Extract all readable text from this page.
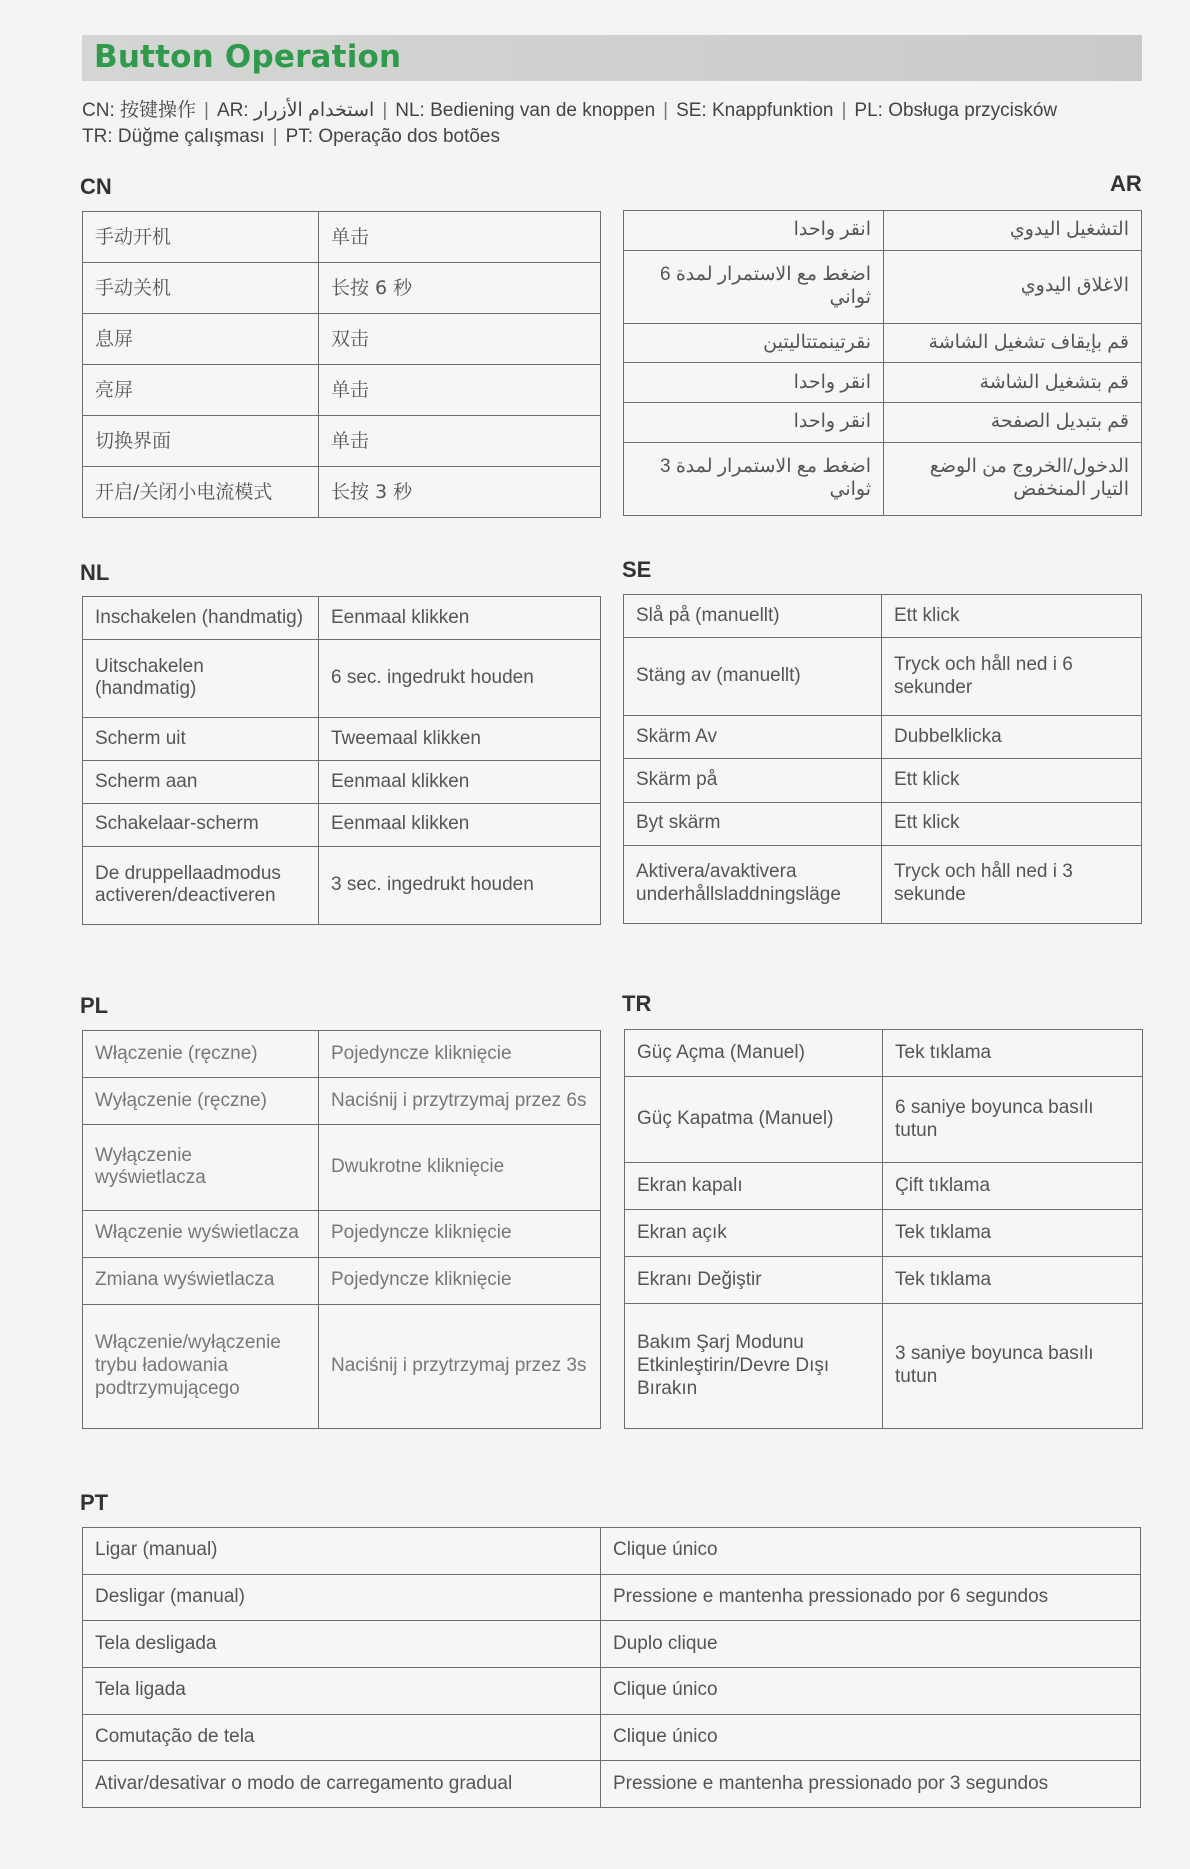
Button Operation
CN: 按键操作 | AR: استخدام الأزرار | NL: Bediening van de knoppen | SE: Knappfunktion | PL: Obsługa przycisków
TR: Düğme çalışması | PT: Operação dos botões
CN
手动开机	单击
手动关机	长按 6 秒
息屏	双击
亮屏	单击
切换界面	单击
开启/关闭小电流模式	长按 3 秒
AR
انقر واحدا	التشغيل اليدوي
اضغط مع الاستمرار لمدة 6 ثواني	الاغلاق اليدوي
نقرتينمتتاليتين	قم بإيقاف تشغيل الشاشة
انقر واحدا	قم بتشغيل الشاشة
انقر واحدا	قم بتبديل الصفحة
اضغط مع الاستمرار لمدة 3 ثواني	الدخول/الخروج من الوضع التيار المنخفض
NL
Inschakelen (handmatig)	Eenmaal klikken
Uitschakelen (handmatig)	6 sec. ingedrukt houden
Scherm uit	Tweemaal klikken
Scherm aan	Eenmaal klikken
Schakelaar-scherm	Eenmaal klikken
De druppellaadmodus activeren/deactiveren	3 sec. ingedrukt houden
SE
Slå på (manuellt)	Ett klick
Stäng av (manuellt)	Tryck och håll ned i 6 sekunder
Skärm Av	Dubbelklicka
Skärm på	Ett klick
Byt skärm	Ett klick
Aktivera/avaktivera underhållsladdningsläge	Tryck och håll ned i 3 sekunde
PL
Włączenie (ręczne)	Pojedyncze kliknięcie
Wyłączenie (ręczne)	Naciśnij i przytrzymaj przez 6s
Wyłączenie wyświetlacza	Dwukrotne kliknięcie
Włączenie wyświetlacza	Pojedyncze kliknięcie
Zmiana wyświetlacza	Pojedyncze kliknięcie
Włączenie/wyłączenie trybu ładowania podtrzymującego	Naciśnij i przytrzymaj przez 3s
TR
Güç Açma (Manuel)	Tek tıklama
Güç Kapatma (Manuel)	6 saniye boyunca basılı tutun
Ekran kapalı	Çift tıklama
Ekran açık	Tek tıklama
Ekranı Değiştir	Tek tıklama
Bakım Şarj Modunu Etkinleştirin/Devre Dışı Bırakın	3 saniye boyunca basılı tutun
PT
Ligar (manual)	Clique único
Desligar (manual)	Pressione e mantenha pressionado por 6 segundos
Tela desligada	Duplo clique
Tela ligada	Clique único
Comutação de tela	Clique único
Ativar/desativar o modo de carregamento gradual	Pressione e mantenha pressionado por 3 segundos
